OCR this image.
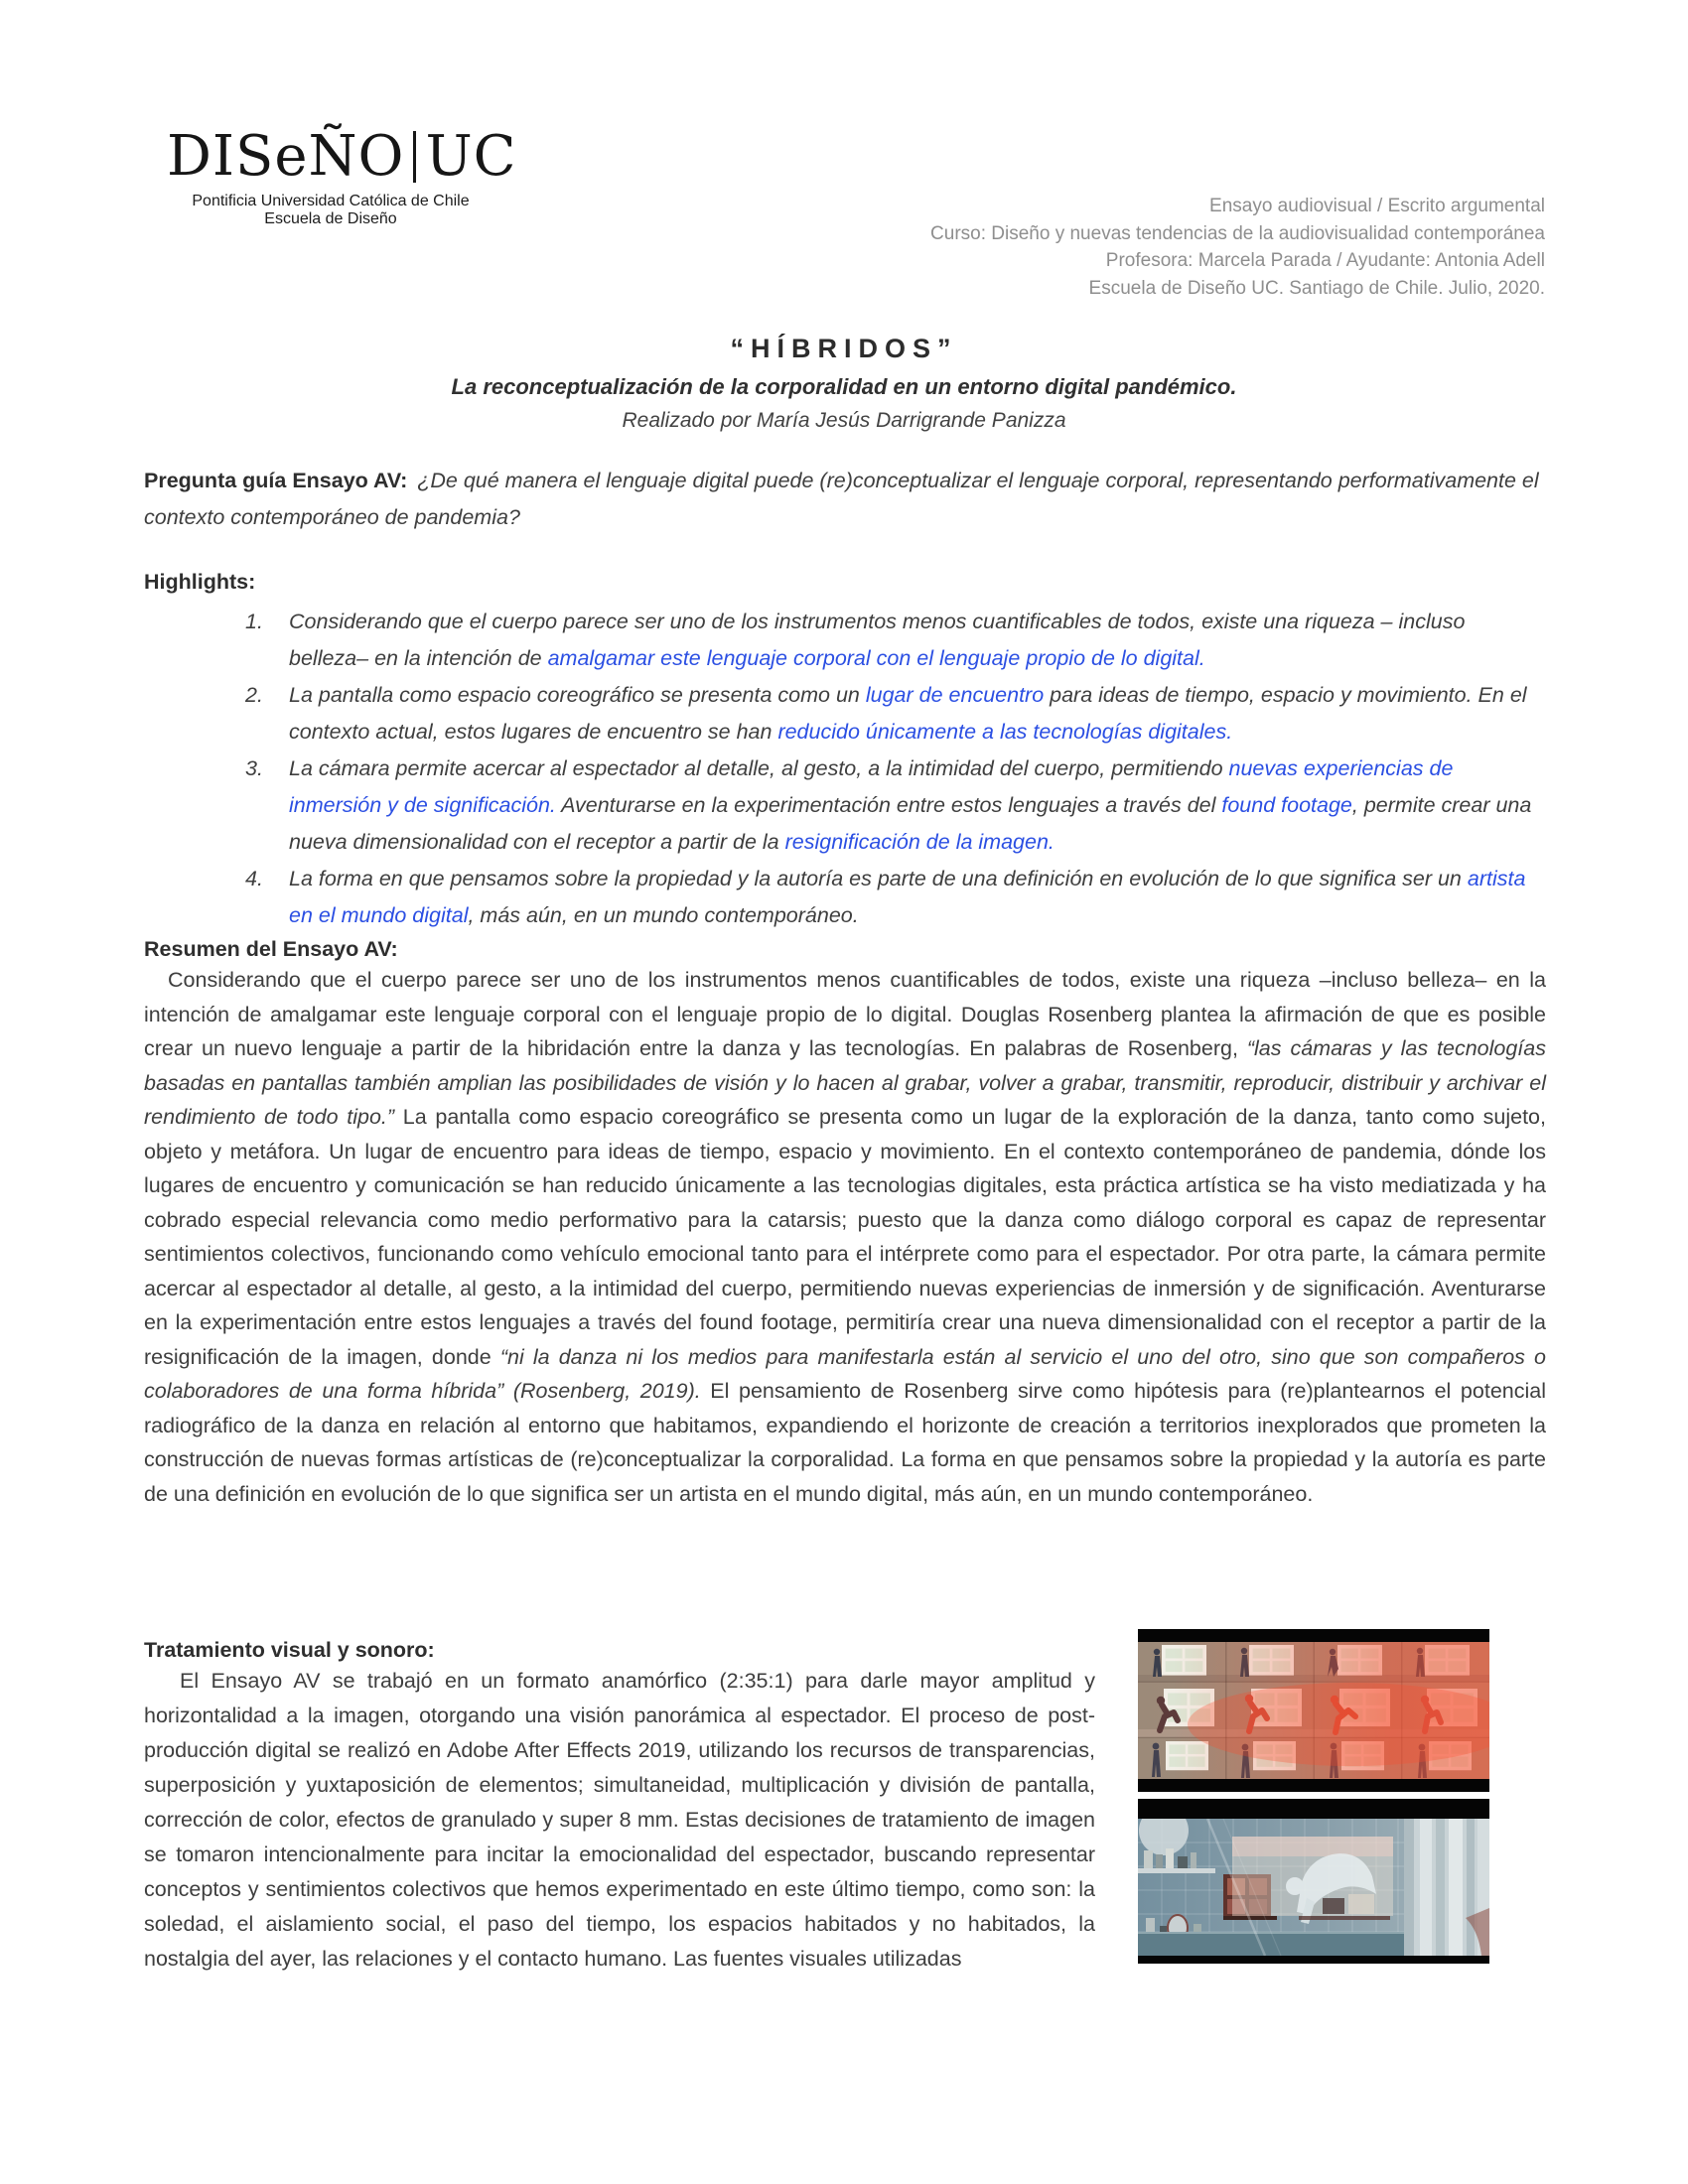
DISeÑO UC
Pontificia Universidad Católica de Chile
Escuela de Diseño
Ensayo audiovisual / Escrito argumental
Curso: Diseño y nuevas tendencias de la audiovisualidad contemporánea
Profesora: Marcela Parada / Ayudante: Antonia Adell
Escuela de Diseño UC. Santiago de Chile. Julio, 2020.
“HÍBRIDOS”
La reconceptualización de la corporalidad en un entorno digital pandémico.
Realizado por María Jesús Darrigrande Panizza

Pregunta guía Ensayo AV: ¿De qué manera el lenguaje digital puede (re)conceptualizar el lenguaje corporal, representando performativamente el contexto contemporáneo de pandemia?

Highlights:
1.	Considerando que el cuerpo parece ser uno de los instrumentos menos cuantificables de todos, existe una riqueza – incluso belleza– en la intención de amalgamar este lenguaje corporal con el lenguaje propio de lo digital.
2.	La pantalla como espacio coreográfico se presenta como un lugar de encuentro para ideas de tiempo, espacio y movimiento. En el contexto actual, estos lugares de encuentro se han reducido únicamente a las tecnologías digitales.
3.	La cámara permite acercar al espectador al detalle, al gesto, a la intimidad del cuerpo, permitiendo nuevas experiencias de inmersión y de significación. Aventurarse en la experimentación entre estos lenguajes a través del found footage, permite crear una nueva dimensionalidad con el receptor a partir de la resignificación de la imagen.
4.	La forma en que pensamos sobre la propiedad y la autoría es parte de una definición en evolución de lo que significa ser un artista en el mundo digital, más aún, en un mundo contemporáneo.
Resumen del Ensayo AV:

Considerando que el cuerpo parece ser uno de los instrumentos menos cuantificables de todos, existe una riqueza –incluso belleza– en la intención de amalgamar este lenguaje corporal con el lenguaje propio de lo digital. Douglas Rosenberg plantea la afirmación de que es posible crear un nuevo lenguaje a partir de la hibridación entre la danza y las tecnologías. En palabras de Rosenberg, “las cámaras y las tecnologías basadas en pantallas también amplian las posibilidades de visión y lo hacen al grabar, volver a grabar, transmitir, reproducir, distribuir y archivar el rendimiento de todo tipo.” La pantalla como espacio coreográfico se presenta como un lugar de la exploración de la danza, tanto como sujeto, objeto y metáfora. Un lugar de encuentro para ideas de tiempo, espacio y movimiento. En el contexto contemporáneo de pandemia, dónde los lugares de encuentro y comunicación se han reducido únicamente a las tecnologias digitales, esta práctica artística se ha visto mediatizada y ha cobrado especial relevancia como medio performativo para la catarsis; puesto que la danza como diálogo corporal es capaz de representar sentimientos colectivos, funcionando como vehículo emocional tanto para el intérprete como para el espectador. Por otra parte, la cámara permite acercar al espectador al detalle, al gesto, a la intimidad del cuerpo, permitiendo nuevas experiencias de inmersión y de significación. Aventurarse en la experimentación entre estos lenguajes a través del found footage, permitiría crear una nueva dimensionalidad con el receptor a partir de la resignificación de la imagen, donde “ni la danza ni los medios para manifestarla están al servicio el uno del otro, sino que son compañeros o colaboradores de una forma híbrida” (Rosenberg, 2019). El pensamiento de Rosenberg sirve como hipótesis para (re)plantearnos el potencial radiográfico de la danza en relación al entorno que habitamos, expandiendo el horizonte de creación a territorios inexplorados que prometen la construcción de nuevas formas artísticas de (re)conceptualizar la corporalidad. La forma en que pensamos sobre la propiedad y la autoría es parte de una definición en evolución de lo que significa ser un artista en el mundo digital, más aún, en un mundo contemporáneo.

Tratamiento visual y sonoro:

El Ensayo AV se trabajó en un formato anamórfico (2:35:1) para darle mayor amplitud y horizontalidad a la imagen, otorgando una visión panorámica al espectador. El proceso de post-producción digital se realizó en Adobe After Effects 2019, utilizando los recursos de transparencias, superposición y yuxtaposición de elementos; simultaneidad, multiplicación y división de pantalla, corrección de color, efectos de granulado y super 8 mm. Estas decisiones de tratamiento de imagen se tomaron intencionalmente para incitar la emocionalidad del espectador, buscando representar conceptos y sentimientos colectivos que hemos experimentado en este último tiempo, como son: la soledad, el aislamiento social, el paso del tiempo, los espacios habitados y no habitados, la nostalgia del ayer, las relaciones y el contacto humano. Las fuentes visuales utilizadas
